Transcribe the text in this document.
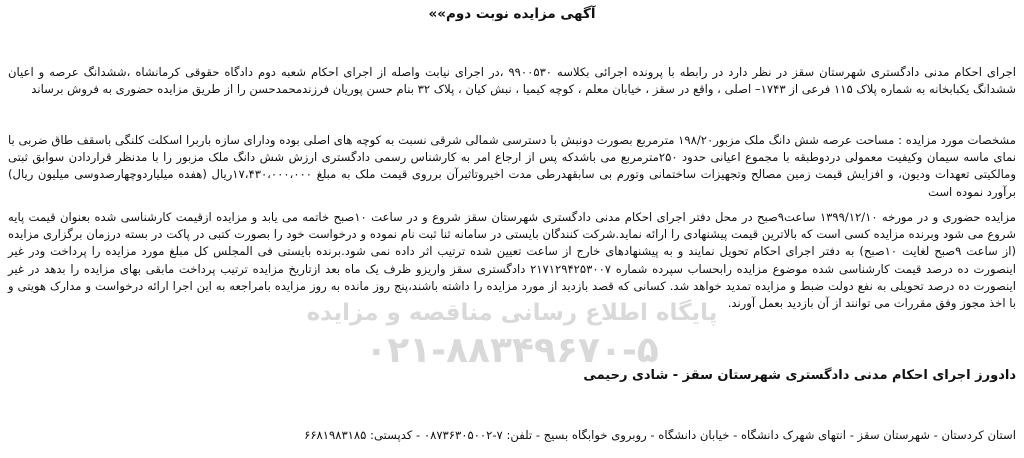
آگهی مزایده نوبت دوم»»
اجرای احکام مدنی دادگستری شهرستان سقز در نظر دارد در رابطه با پرونده اجرائی بکلاسه ۹۹۰۰۵۳۰ ،در اجرای نیابت واصله از اجرای احکام شعبه دوم دادگاه حقوقی کرمانشاه ،ششدانگ عرصه و اعیان ششدانگ یکبابخانه به شماره پلاک ۱۱۵ فرعی از ۱۷۴۳– اصلی ، واقع در سقز ، خیابان معلم ، کوچه کیمیا ، نبش کیان ، پلاک ۳۲ بنام حسن پوریان فرزندمحمدحسن را از طریق مزایده حضوری به فروش برساند
مشخصات مورد مزایده : مساحت عرصه شش دانگ ملک مزبور۱۹۸/۲۰ مترمربع بصورت دونبش با دسترسی شمالی شرقی نسبت به کوچه های اصلی بوده ودارای سازه باربرا اسکلت کلنگی باسقف طاق ضربی با نمای ماسه سیمان وکیفیت معمولی دردوطبقه با مجموع اعیانی حدود ۲۵۰مترمربع می باشدکه پس از ارجاع امر به کارشناس رسمی دادگستری ارزش شش دانگ ملک مزبور را با مدنظر قراردادن سوابق ثبتی ومالکیتی تعهدات ودیون، و افزایش قیمت زمین مصالح وتجهیزات ساختمانی وتورم بی سابقهدرطی مدت اخیروتاثیرآن برروی قیمت ملک به مبلغ ۱۷،۴۳۰،۰۰۰،۰۰۰ریال (هفده میلیاردوچهارصدوسی میلیون ریال) برآورد نموده است
مزایده حضوری و در مورخه ۱۳۹۹/۱۲/۱۰ ساعت۹صبح در محل دفتر اجرای احکام مدنی دادگستری شهرستان سقز شروع و در ساعت ۱۰صبح خاتمه می یابد و مزایده ازقیمت کارشناسی شده بعنوان قیمت پایه شروع می شود وبرنده مزایده کسی است که بالاترین قیمت پیشنهادی را ارائه نماید.شرکت کنندگان بایستی در سامانه ثنا ثبت نام نموده و درخواست خود را بصورت کتبی در پاکت در بسته درزمان برگزاری مزایده (از ساعت ۹صبح لغایت ۱۰صبح) به دفتر اجرای احکام تحویل نمایند و به پیشنهادهای خارج از ساعت تعیین شده ترتیب اثر داده نمی شود.برنده بایستی فی المجلس کل مبلغ مورد مزایده را پرداخت ودر غیر اینصورت ده درصد قیمت کارشناسی شده موضوع مزایده رابحساب سپرده شماره ۲۱۷۱۲۹۴۲۵۳۰۰۷ دادگستری سقز واریزو ظرف یک ماه بعد ازتاریخ مزایده ترتیب پرداخت مابقی بهای مزایده را بدهد در غیر اینصورت ده درصد تحویلی به نفع دولت ضبط و مزایده تمدید خواهد شد. کسانی که قصد بازدید از مورد مزایده را داشته باشند،پنج روز مانده به روز مزایده بامراجعه به این اجرا ارائه درخواست و مدارک هویتی و با اخذ مجوز وفق مقررات می توانند از آن بازدید بعمل آورند.
پایگاه اطلاع رسانی مناقصه و مزایده
۰۲۱-۸۸۳۴۹۶۷۰-۵
دادورز اجرای احکام مدنی دادگستری شهرستان سقز - شادی رحیمی
استان کردستان - شهرستان سقز - انتهای شهرک دانشگاه - خیابان دانشگاه - روبروی خوابگاه بسیج - تلفن: ۷-۰۸۷۳۶۳۰۵۰۰۲ - کدپستی: ۶۶۸۱۹۸۳۱۸۵
